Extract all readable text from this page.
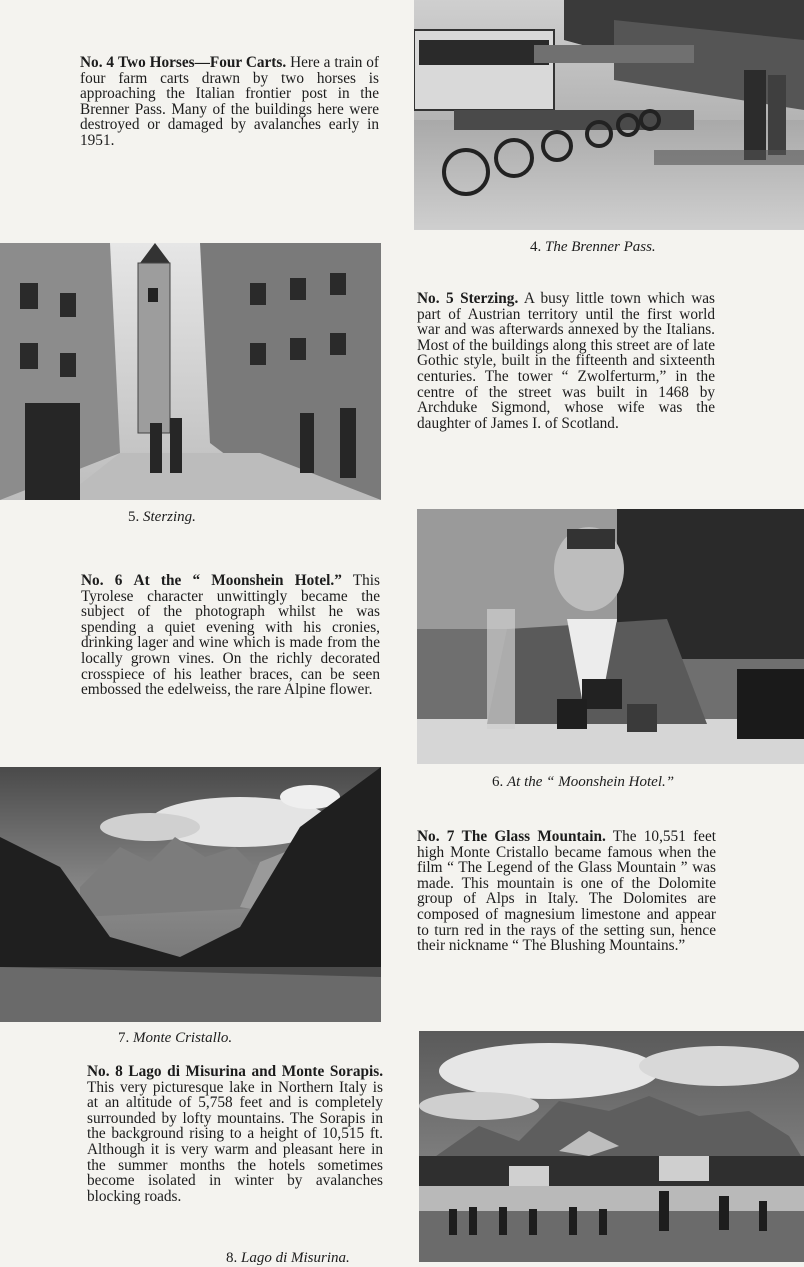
No. 4 Two Horses—Four Carts. Here a train of four farm carts drawn by two horses is approaching the Italian frontier post in the Brenner Pass. Many of the buildings here were destroyed or damaged by avalanches early in 1951.

4. The Brenner Pass.

5. Sterzing.

No. 5 Sterzing. A busy little town which was part of Austrian territory until the first world war and was afterwards annexed by the Italians. Most of the buildings along this street are of late Gothic style, built in the fifteenth and sixteenth centuries. The tower “ Zwolferturm,” in the centre of the street was built in 1468 by Archduke Sigmond, whose wife was the daughter of James I. of Scotland.

6. At the “ Moonshein Hotel.”

No. 6 At the “ Moonshein Hotel.” This Tyrolese character unwittingly became the subject of the photograph whilst he was spending a quiet evening with his cronies, drinking lager and wine which is made from the locally grown vines. On the richly decorated crosspiece of his leather braces, can be seen embossed the edelweiss, the rare Alpine flower.

7. Monte Cristallo.

No. 7 The Glass Mountain. The 10,551 feet high Monte Cristallo became famous when the film “ The Legend of the Glass Mountain ” was made. This mountain is one of the Dolomite group of Alps in Italy. The Dolomites are composed of magnesium limestone and appear to turn red in the rays of the setting sun, hence their nickname “ The Blushing Mountains.”

No. 8 Lago di Misurina and Monte Sorapis. This very picturesque lake in Northern Italy is at an altitude of 5,758 feet and is completely surrounded by lofty mountains. The Sorapis in the background rising to a height of 10,515 ft. Although it is very warm and pleasant here in the summer months the hotels sometimes become isolated in winter by avalanches blocking roads.

8. Lago di Misurina.
